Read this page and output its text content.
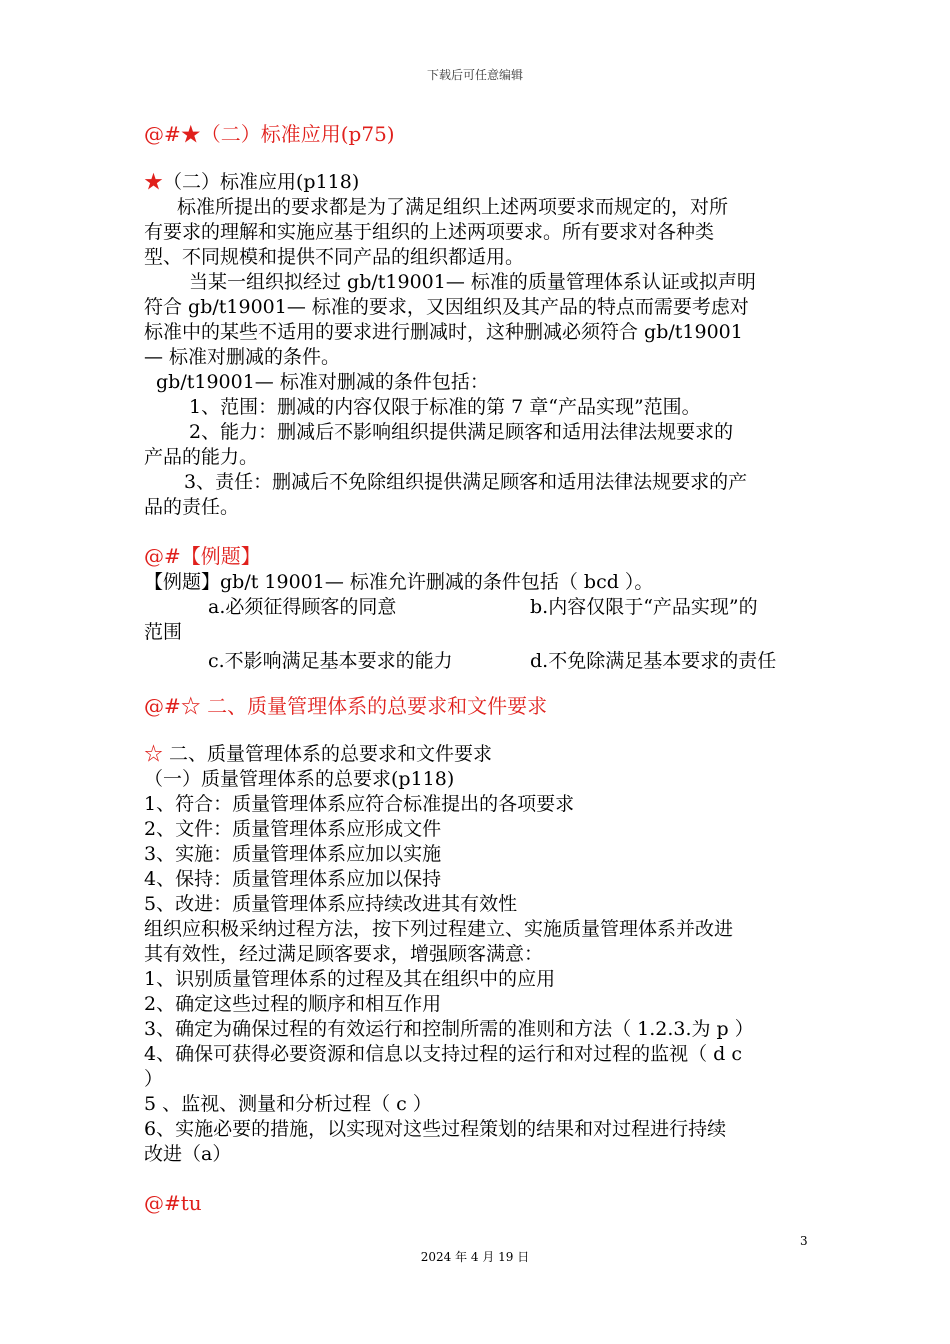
下载后可任意编辑

@#★（二）标准应用(p75)

★（二）标准应用(p118)

标准所提出的要求都是为了满足组织上述两项要求而规定的，对所

有要求的理解和实施应基于组织的上述两项要求。所有要求对各种类

型、不同规模和提供不同产品的组织都适用。

当某一组织拟经过 gb/t19001— 标准的质量管理体系认证或拟声明

符合 gb/t19001— 标准的要求，又因组织及其产品的特点而需要考虑对

标准中的某些不适用的要求进行删减时，这种删减必须符合 gb/t19001

— 标准对删减的条件。

gb/t19001— 标准对删减的条件包括：

1、范围：删减的内容仅限于标准的第 7 章“产品实现”范围。

2、能力：删减后不影响组织提供满足顾客和适用法律法规要求的

产品的能力。

3、责任：删减后不免除组织提供满足顾客和适用法律法规要求的产

品的责任。

@#【例题】

【例题】gb/t 19001— 标准允许删减的条件包括（ bcd ）。

a.必须征得顾客的同意	b.内容仅限于“产品实现”的

范围

c.不影响满足基本要求的能力	d.不免除满足基本要求的责任

@#☆ 二、质量管理体系的总要求和文件要求

☆ 二、质量管理体系的总要求和文件要求

（一）质量管理体系的总要求(p118)

1、符合：质量管理体系应符合标准提出的各项要求

2、文件：质量管理体系应形成文件

3、实施：质量管理体系应加以实施

4、保持：质量管理体系应加以保持

5、改进：质量管理体系应持续改进其有效性

组织应积极采纳过程方法，按下列过程建立、实施质量管理体系并改进

其有效性，经过满足顾客要求，增强顾客满意：

1、识别质量管理体系的过程及其在组织中的应用

2、确定这些过程的顺序和相互作用

3、确定为确保过程的有效运行和控制所需的准则和方法（ 1.2.3.为 p ）

4、确保可获得必要资源和信息以支持过程的运行和对过程的监视（ d c

）

5 、监视、测量和分析过程（ c ）

6、实施必要的措施，以实现对这些过程策划的结果和对过程进行持续

改进（a）

@#tu

3
2024 年 4 月 19 日
